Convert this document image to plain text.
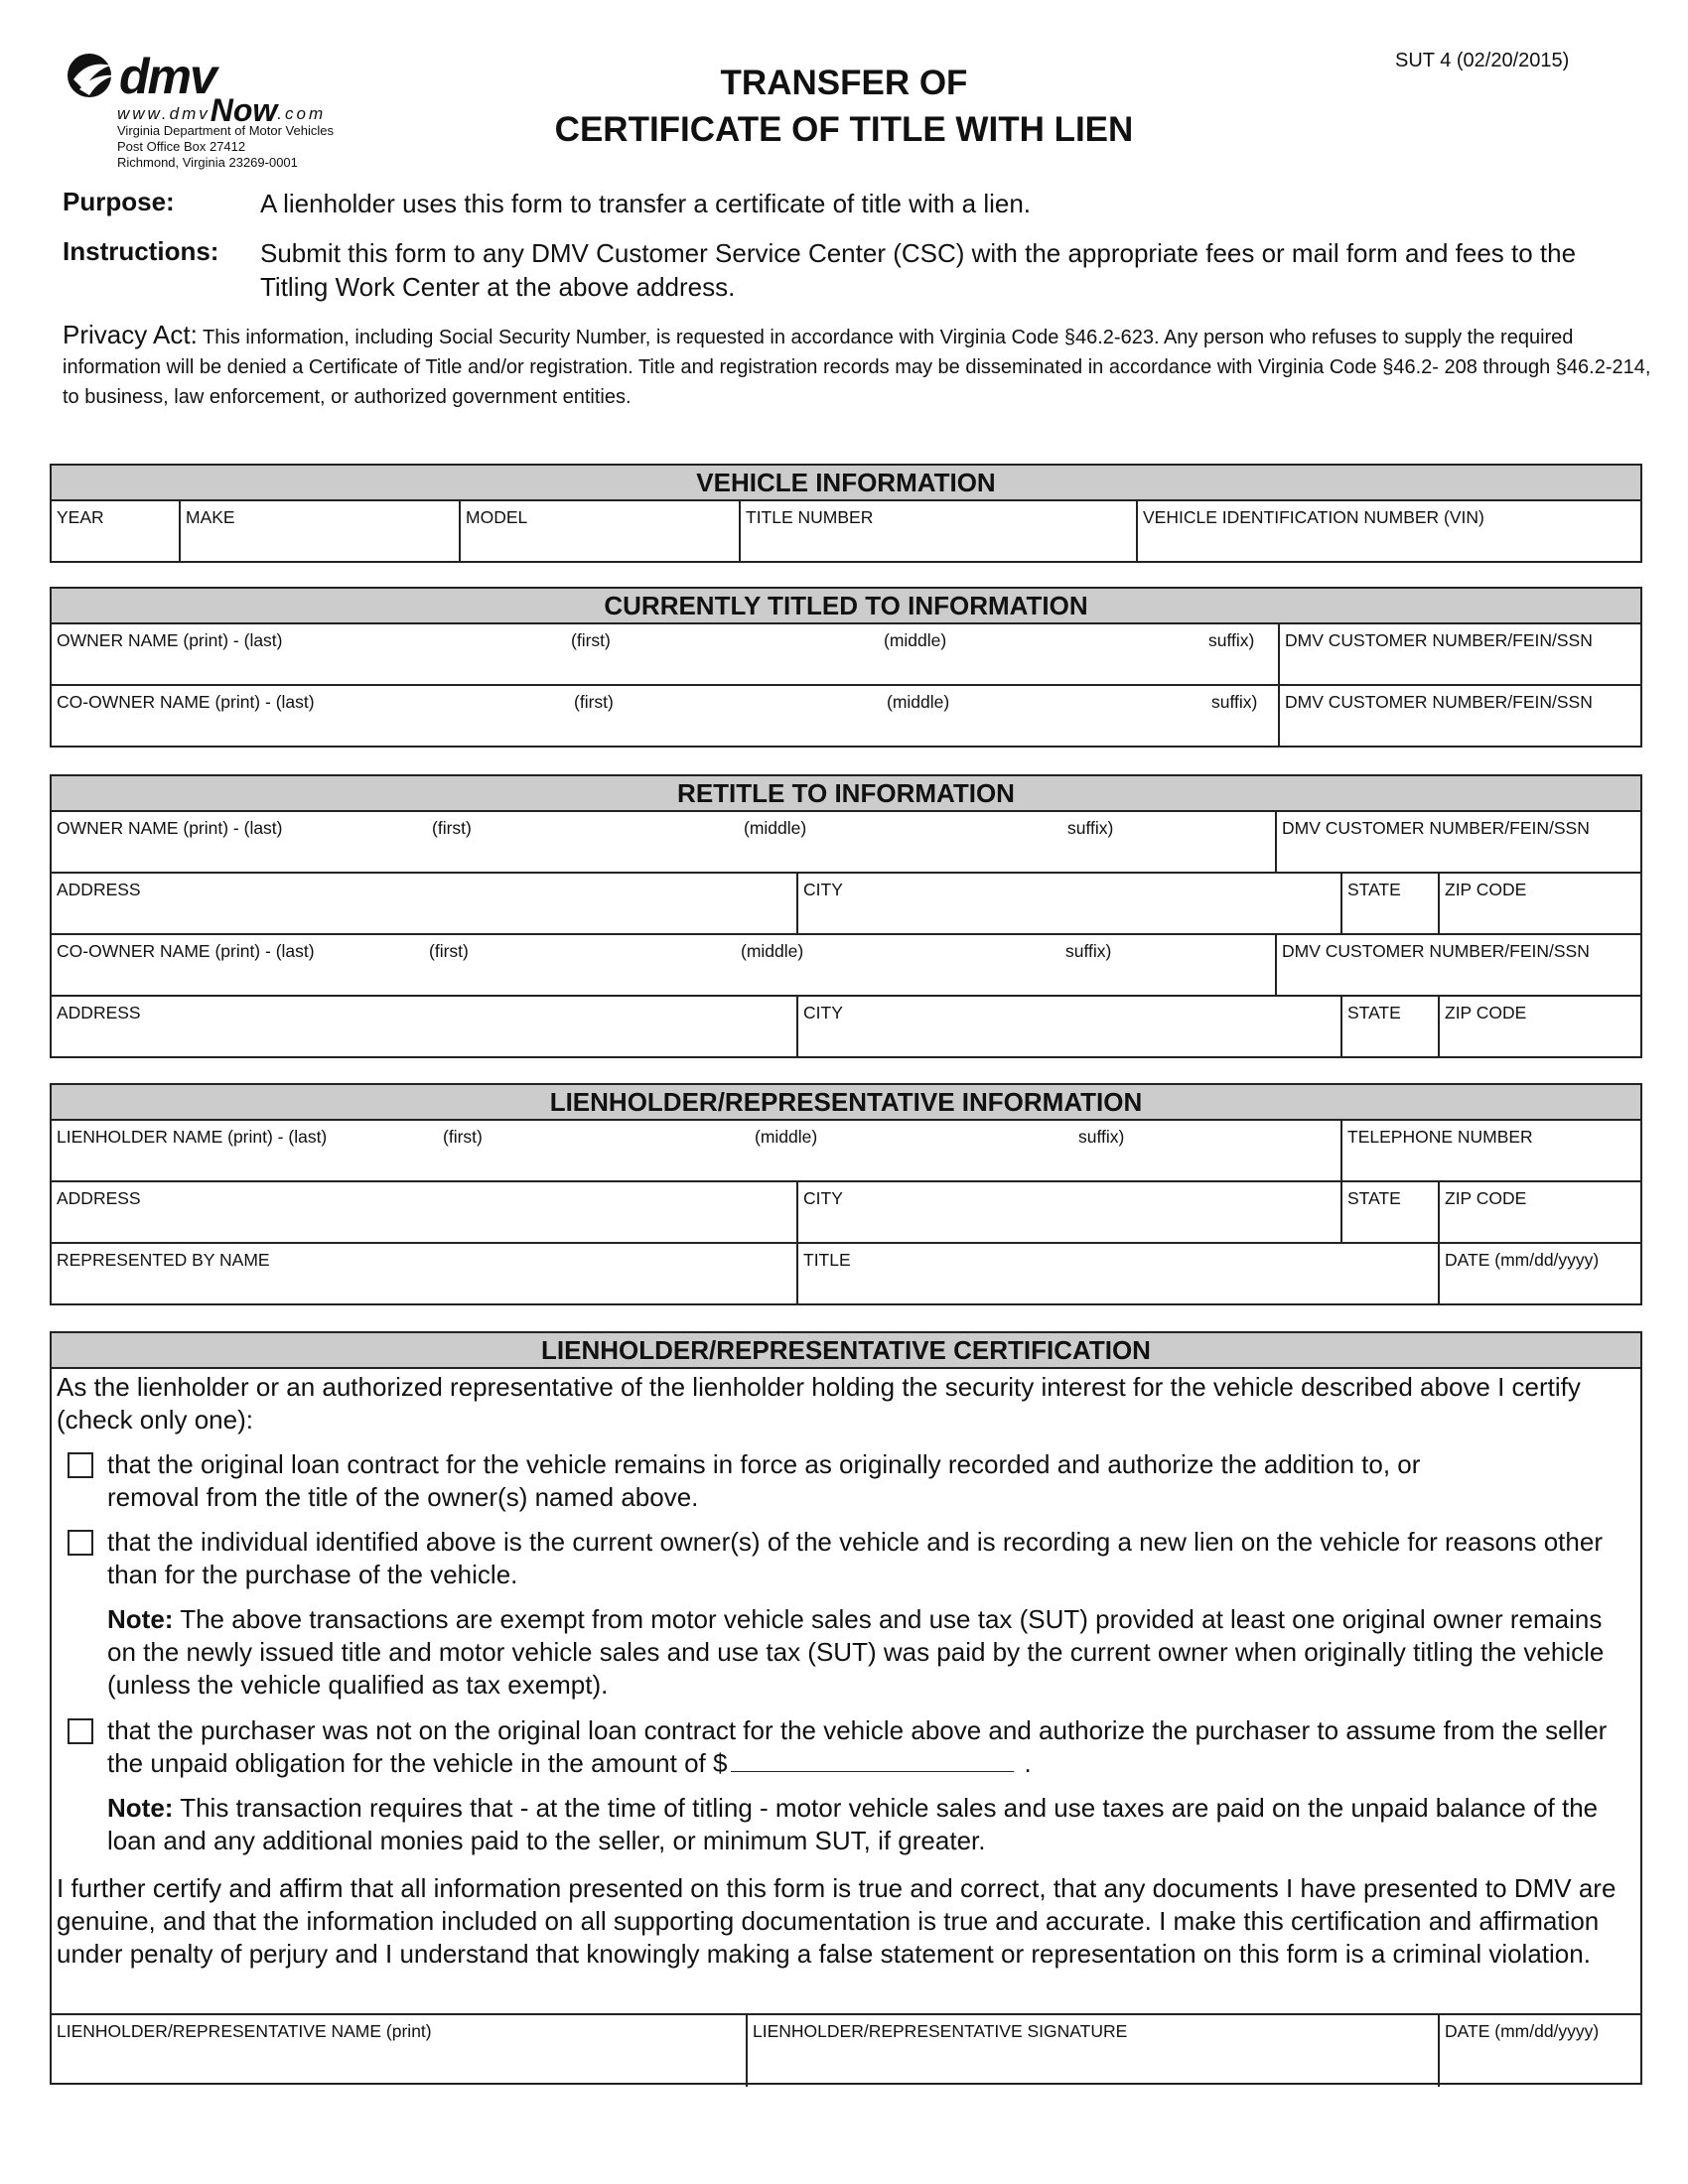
dmv
www.dmvNow.com
Virginia Department of Motor Vehicles
Post Office Box 27412
Richmond, Virginia 23269-0001
SUT 4 (02/20/2015)
TRANSFER OF
CERTIFICATE OF TITLE WITH LIEN
Purpose:	A lienholder uses this form to transfer a certificate of title with a lien.
Instructions: Submit this form to any DMV Customer Service Center (CSC) with the appropriate fees or mail form and fees to the Titling Work Center at the above address.
Privacy Act: This information, including Social Security Number, is requested in accordance with Virginia Code §46.2-623. Any person who refuses to supply the required information will be denied a Certificate of Title and/or registration. Title and registration records may be disseminated in accordance with Virginia Code §46.2- 208 through §46.2-214, to business, law enforcement, or authorized government entities.
VEHICLE INFORMATION
YEAR	MAKE	MODEL	TITLE NUMBER	VEHICLE IDENTIFICATION NUMBER (VIN)
CURRENTLY TITLED TO INFORMATION
OWNER NAME (print) - (last)	(first)	(middle)	suffix)	DMV CUSTOMER NUMBER/FEIN/SSN
CO-OWNER NAME (print) - (last)	(first)	(middle)	suffix)	DMV CUSTOMER NUMBER/FEIN/SSN
RETITLE TO INFORMATION
OWNER NAME (print) - (last)	(first)	(middle)	suffix)	DMV CUSTOMER NUMBER/FEIN/SSN
ADDRESS	CITY	STATE	ZIP CODE
CO-OWNER NAME (print) - (last)	(first)	(middle)	suffix)	DMV CUSTOMER NUMBER/FEIN/SSN
ADDRESS	CITY	STATE	ZIP CODE
LIENHOLDER/REPRESENTATIVE INFORMATION
LIENHOLDER NAME (print) - (last)	(first)	(middle)	suffix)	TELEPHONE NUMBER
ADDRESS	CITY	STATE	ZIP CODE
REPRESENTED BY NAME	TITLE	DATE (mm/dd/yyyy)
LIENHOLDER/REPRESENTATIVE CERTIFICATION
As the lienholder or an authorized representative of the lienholder holding the security interest for the vehicle described above I certify (check only one):
that the original loan contract for the vehicle remains in force as originally recorded and authorize the addition to, or removal from the title of the owner(s) named above.
that the individual identified above is the current owner(s) of the vehicle and is recording a new lien on the vehicle for reasons other than for the purchase of the vehicle.
Note: The above transactions are exempt from motor vehicle sales and use tax (SUT) provided at least one original owner remains on the newly issued title and motor vehicle sales and use tax (SUT) was paid by the current owner when originally titling the vehicle (unless the vehicle qualified as tax exempt).
that the purchaser was not on the original loan contract for the vehicle above and authorize the purchaser to assume from the seller the unpaid obligation for the vehicle in the amount of $	.
Note: This transaction requires that - at the time of titling - motor vehicle sales and use taxes are paid on the unpaid balance of the loan and any additional monies paid to the seller, or minimum SUT, if greater.
I further certify and affirm that all information presented on this form is true and correct, that any documents I have presented to DMV are genuine, and that the information included on all supporting documentation is true and accurate. I make this certification and affirmation under penalty of perjury and I understand that knowingly making a false statement or representation on this form is a criminal violation.
LIENHOLDER/REPRESENTATIVE NAME (print)	LIENHOLDER/REPRESENTATIVE SIGNATURE	DATE (mm/dd/yyyy)
